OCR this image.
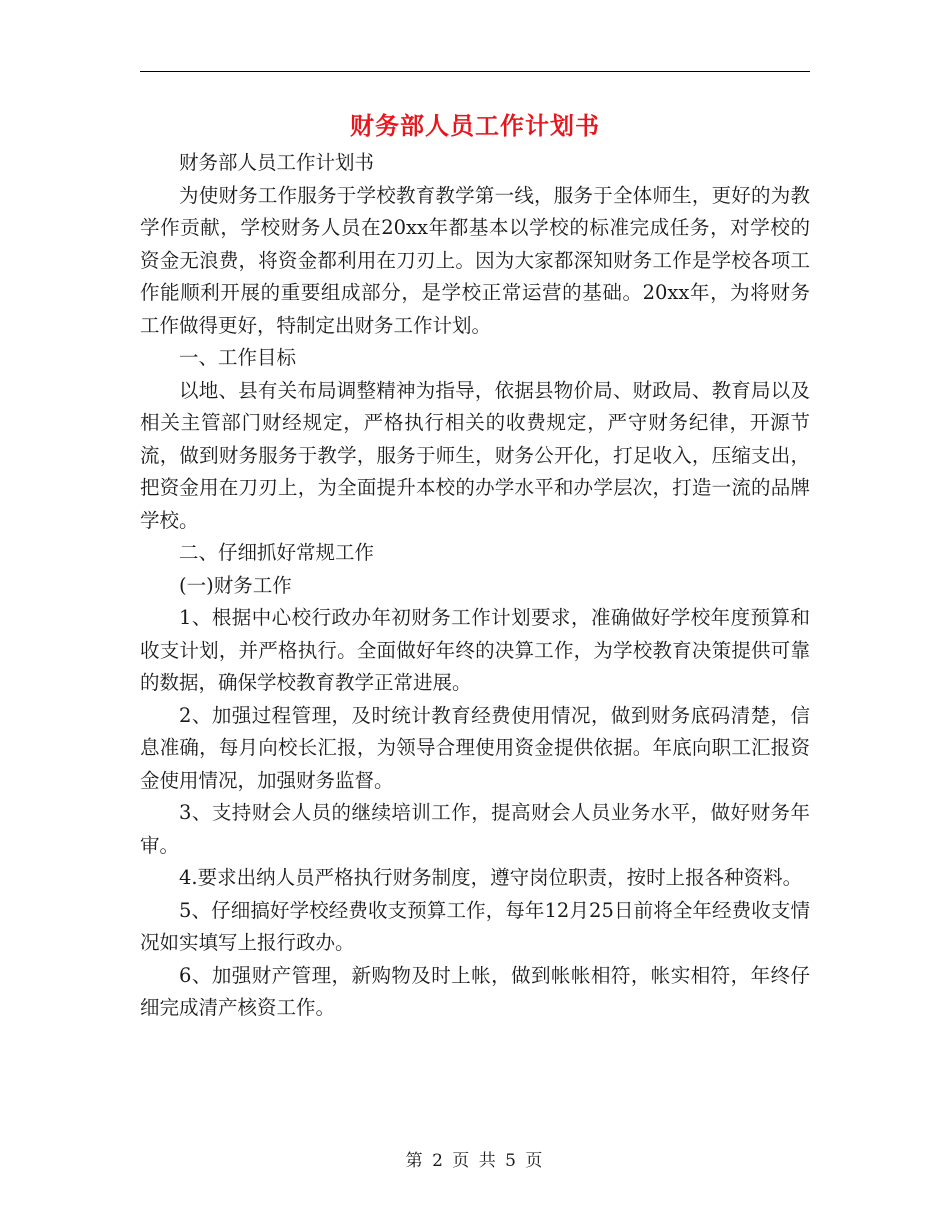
财务部人员工作计划书

财务部人员工作计划书

为使财务工作服务于学校教育教学第一线，服务于全体师生，更好的为教学作贡献，学校财务人员在20xx年都基本以学校的标准完成任务，对学校的资金无浪费，将资金都利用在刀刃上。因为大家都深知财务工作是学校各项工作能顺利开展的重要组成部分，是学校正常运营的基础。20xx年，为将财务工作做得更好，特制定出财务工作计划。

一、工作目标

以地、县有关布局调整精神为指导，依据县物价局、财政局、教育局以及相关主管部门财经规定，严格执行相关的收费规定，严守财务纪律，开源节流，做到财务服务于教学，服务于师生，财务公开化，打足收入，压缩支出，把资金用在刀刃上，为全面提升本校的办学水平和办学层次，打造一流的品牌学校。

二、仔细抓好常规工作

(一)财务工作

1、根据中心校行政办年初财务工作计划要求，准确做好学校年度预算和收支计划，并严格执行。全面做好年终的决算工作，为学校教育决策提供可靠的数据，确保学校教育教学正常进展。

2、加强过程管理，及时统计教育经费使用情况，做到财务底码清楚，信息准确，每月向校长汇报，为领导合理使用资金提供依据。年底向职工汇报资金使用情况，加强财务监督。

3、支持财会人员的继续培训工作，提高财会人员业务水平，做好财务年审。

4.要求出纳人员严格执行财务制度，遵守岗位职责，按时上报各种资料。

5、仔细搞好学校经费收支预算工作，每年12月25日前将全年经费收支情况如实填写上报行政办。

6、加强财产管理，新购物及时上帐，做到帐帐相符，帐实相符，年终仔细完成清产核资工作。

第 2 页 共 5 页
